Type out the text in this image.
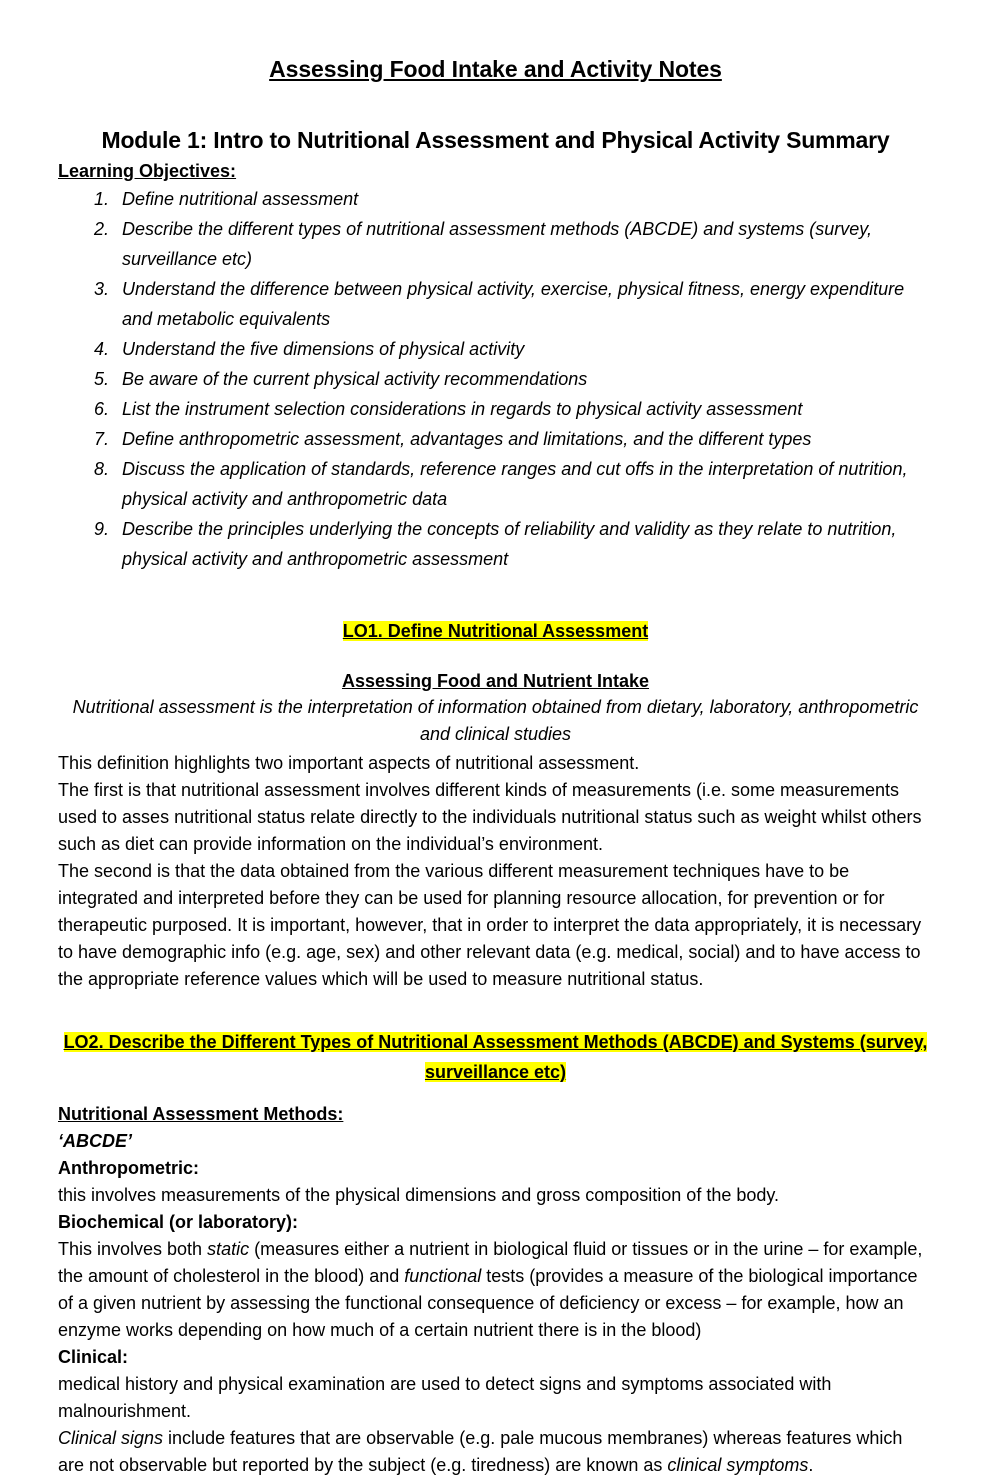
Assessing Food Intake and Activity Notes
Module 1: Intro to Nutritional Assessment and Physical Activity Summary
Learning Objectives:
1. Define nutritional assessment
2. Describe the different types of nutritional assessment methods (ABCDE) and systems (survey, surveillance etc)
3. Understand the difference between physical activity, exercise, physical fitness, energy expenditure and metabolic equivalents
4. Understand the five dimensions of physical activity
5. Be aware of the current physical activity recommendations
6. List the instrument selection considerations in regards to physical activity assessment
7. Define anthropometric assessment, advantages and limitations, and the different types
8. Discuss the application of standards, reference ranges and cut offs in the interpretation of nutrition, physical activity and anthropometric data
9. Describe the principles underlying the concepts of reliability and validity as they relate to nutrition, physical activity and anthropometric assessment
LO1. Define Nutritional Assessment
Assessing Food and Nutrient Intake
Nutritional assessment is the interpretation of information obtained from dietary, laboratory, anthropometric and clinical studies

This definition highlights two important aspects of nutritional assessment.

The first is that nutritional assessment involves different kinds of measurements (i.e. some measurements used to asses nutritional status relate directly to the individuals nutritional status such as weight whilst others such as diet can provide information on the individual’s environment.

The second is that the data obtained from the various different measurement techniques have to be integrated and interpreted before they can be used for planning resource allocation, for prevention or for therapeutic purposed. It is important, however, that in order to interpret the data appropriately, it is necessary to have demographic info (e.g. age, sex) and other relevant data (e.g. medical, social) and to have access to the appropriate reference values which will be used to measure nutritional status.

LO2. Describe the Different Types of Nutritional Assessment Methods (ABCDE) and Systems (survey, surveillance etc)
Nutritional Assessment Methods:
‘ABCDE’
Anthropometric:

this involves measurements of the physical dimensions and gross composition of the body.

Biochemical (or laboratory):

This involves both static (measures either a nutrient in biological fluid or tissues or in the urine – for example, the amount of cholesterol in the blood) and functional tests (provides a measure of the biological importance of a given nutrient by assessing the functional consequence of deficiency or excess – for example, how an enzyme works depending on how much of a certain nutrient there is in the blood)

Clinical:

medical history and physical examination are used to detect signs and symptoms associated with malnourishment.

Clinical signs include features that are observable (e.g. pale mucous membranes) whereas features which are not observable but reported by the subject (e.g. tiredness) are known as clinical symptoms.
